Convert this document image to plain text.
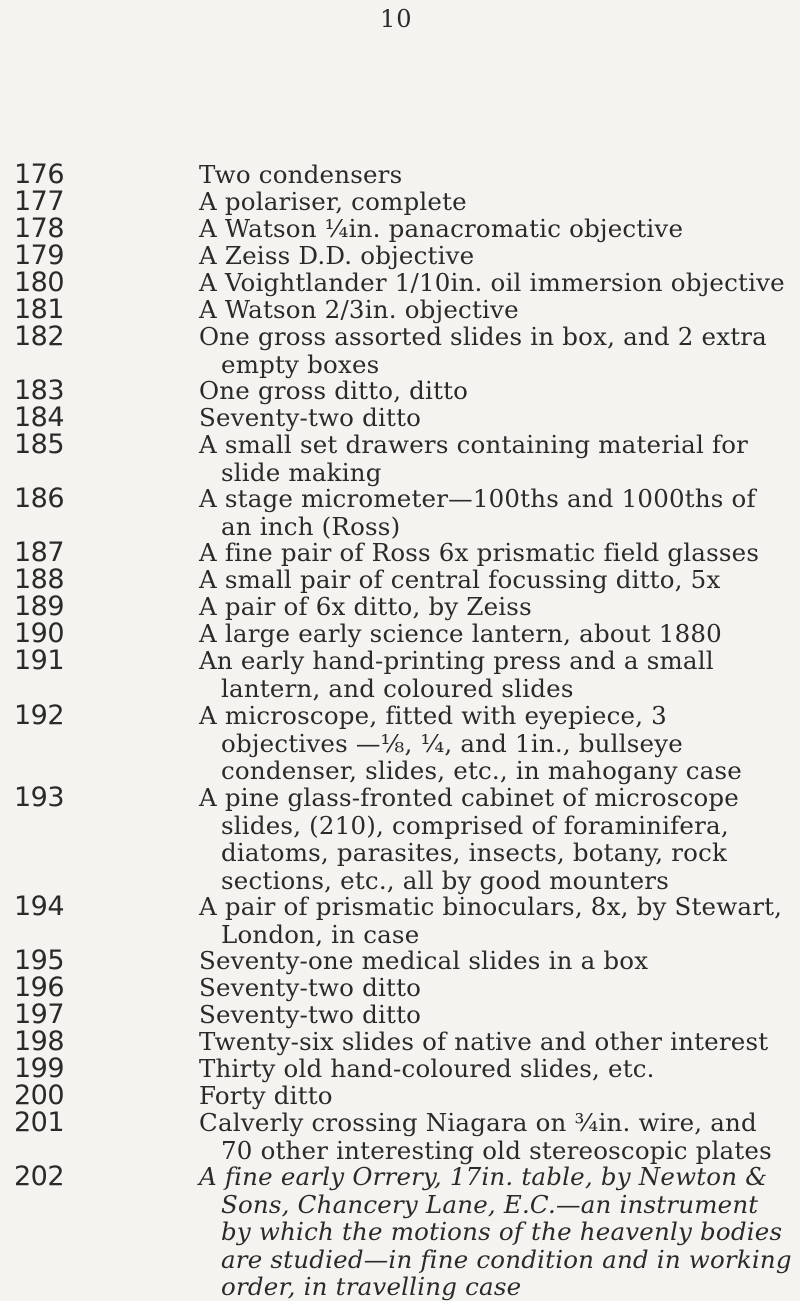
10
176	Two condensers
177	A polariser, complete
178	A Watson ¼in. panacromatic objective
179	A Zeiss D.D. objective
180	A Voightlander 1/10in. oil immersion objective
181	A Watson 2/3in. objective
182	One gross assorted slides in box, and 2 extra empty boxes
183	One gross ditto, ditto
184	Seventy-two ditto
185	A small set drawers containing material for slide making
186	A stage micrometer—100ths and 1000ths of an inch (Ross)
187	A fine pair of Ross 6x prismatic field glasses
188	A small pair of central focussing ditto, 5x
189	A pair of 6x ditto, by Zeiss
190	A large early science lantern, about 1880
191	An early hand-printing press and a small lantern, and coloured slides
192	A microscope, fitted with eyepiece, 3 objectives —⅛, ¼, and 1in., bullseye condenser, slides, etc., in mahogany case
193	A pine glass-fronted cabinet of microscope slides, (210), comprised of foraminifera, diatoms, parasites, insects, botany, rock sections, etc., all by good mounters
194	A pair of prismatic binoculars, 8x, by Stewart, London, in case
195	Seventy-one medical slides in a box
196	Seventy-two ditto
197	Seventy-two ditto
198	Twenty-six slides of native and other interest
199	Thirty old hand-coloured slides, etc.
200	Forty ditto
201	Calverly crossing Niagara on ¾in. wire, and 70 other interesting old stereoscopic plates
202	A fine early Orrery, 17in. table, by Newton & Sons, Chancery Lane, E.C.—an instrument by which the motions of the heavenly bodies are studied—in fine condition and in working order, in travelling case
